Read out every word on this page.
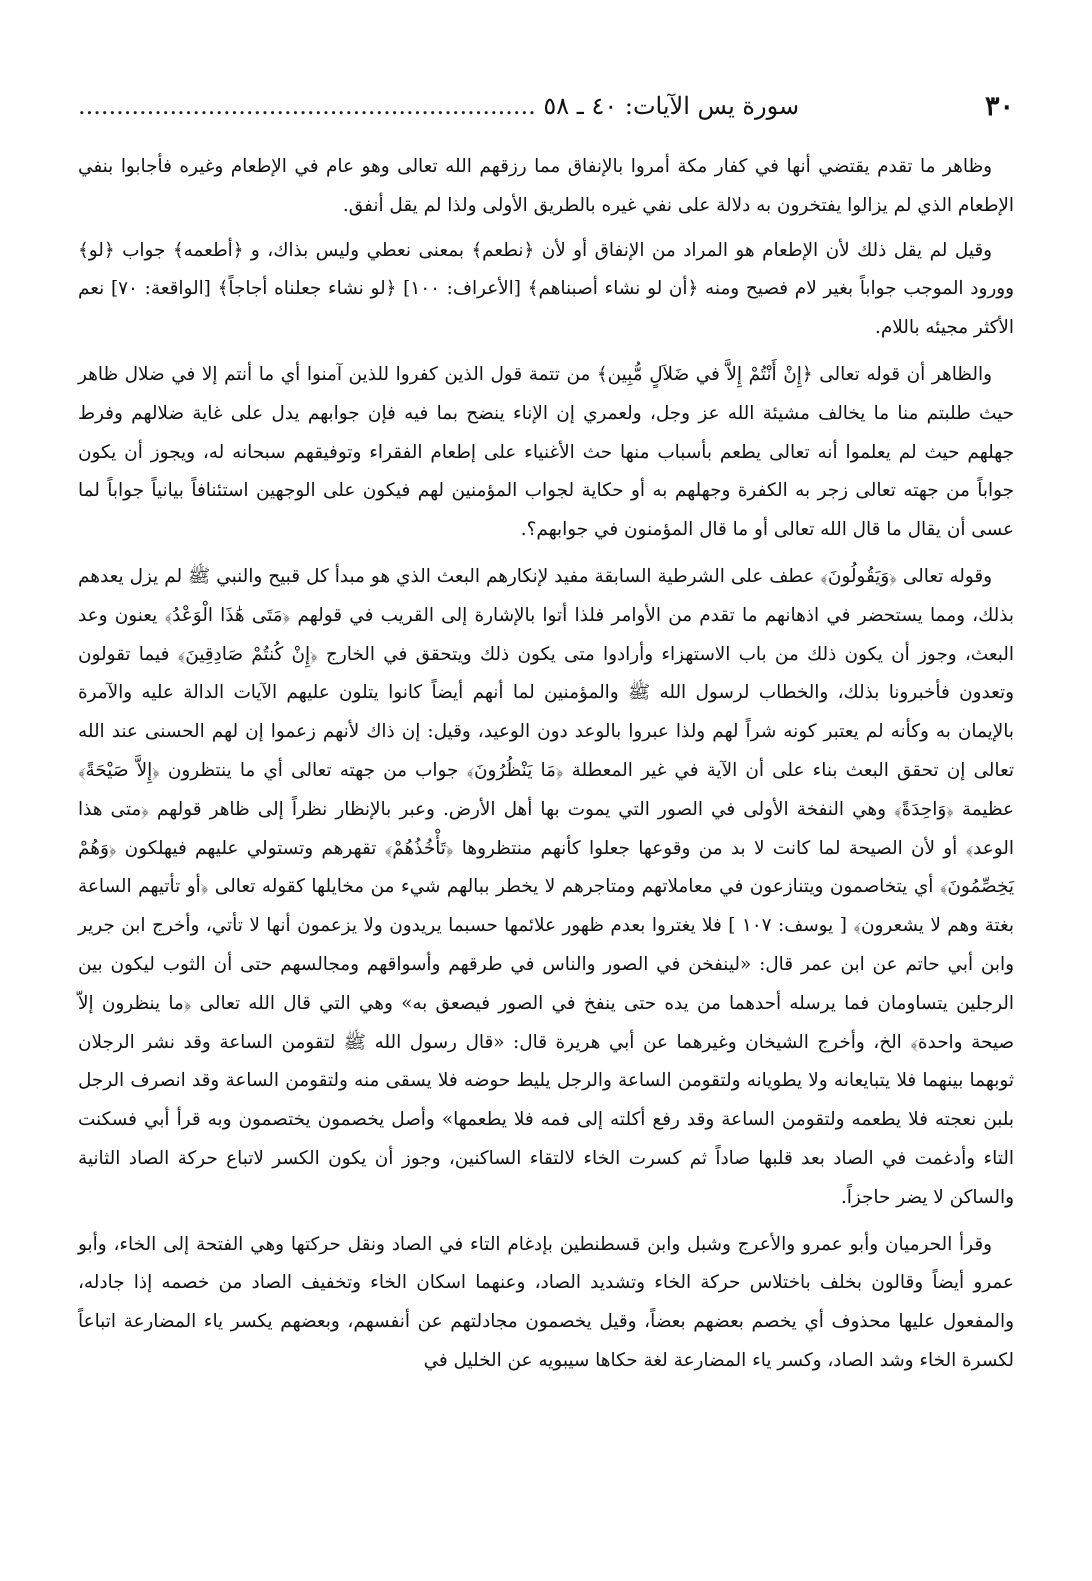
٣٠
سورة يس الآيات: ٤٠ ـ ٥٨ ............................................................

وظاهر ما تقدم يقتضي أنها في كفار مكة أمروا بالإنفاق مما رزقهم الله تعالى وهو عام في الإطعام وغيره فأجابوا بنفي الإطعام الذي لم يزالوا يفتخرون به دلالة على نفي غيره بالطريق الأولى ولذا لم يقل أنفق.

وقيل لم يقل ذلك لأن الإطعام هو المراد من الإنفاق أو لأن ﴿نطعم﴾ بمعنى نعطي وليس بذاك، و ﴿أطعمه﴾ جواب ﴿لو﴾ وورود الموجب جواباً بغير لام فصيح ومنه ﴿أن لو نشاء أصبناهم﴾ [الأعراف: ١٠٠] ﴿لو نشاء جعلناه أجاجاً﴾ [الواقعة: ٧٠] نعم الأكثر مجيئه باللام.

والظاهر أن قوله تعالى ﴿إِنْ أَنْتُمْ إِلاَّ في ضَلاَلٍ مُّبِين﴾ من تتمة قول الذين كفروا للذين آمنوا أي ما أنتم إلا في ضلال ظاهر حيث طلبتم منا ما يخالف مشيئة الله عز وجل، ولعمري إن الإناء ينضح بما فيه فإن جوابهم يدل على غاية ضلالهم وفرط جهلهم حيث لم يعلموا أنه تعالى يطعم بأسباب منها حث الأغنياء على إطعام الفقراء وتوفيقهم سبحانه له، ويجوز أن يكون جواباً من جهته تعالى زجر به الكفرة وجهلهم به أو حكاية لجواب المؤمنين لهم فيكون على الوجهين استئنافاً بيانياً جواباً لما عسى أن يقال ما قال الله تعالى أو ما قال المؤمنون في جوابهم؟.

وقوله تعالى ﴿وَيَقُولُونَ﴾ عطف على الشرطية السابقة مفيد لإنكارهم البعث الذي هو مبدأ كل قبيح والنبي ﷺ لم يزل يعدهم بذلك، ومما يستحضر في اذهانهم ما تقدم من الأوامر فلذا أتوا بالإشارة إلى القريب في قولهم ﴿مَتَى هَٰذَا الْوَعْدُ﴾ يعنون وعد البعث، وجوز أن يكون ذلك من باب الاستهزاء وأرادوا متى يكون ذلك ويتحقق في الخارج ﴿إِنْ كُنتُمْ صَادِقِينَ﴾ فيما تقولون وتعدون فأخبرونا بذلك، والخطاب لرسول الله ﷺ والمؤمنين لما أنهم أيضاً كانوا يتلون عليهم الآيات الدالة عليه والآمرة بالإيمان به وكأنه لم يعتبر كونه شراً لهم ولذا عبروا بالوعد دون الوعيد، وقيل: إن ذاك لأنهم زعموا إن لهم الحسنى عند الله تعالى إن تحقق البعث بناء على أن الآية في غير المعطلة ﴿مَا يَنْظُرُونَ﴾ جواب من جهته تعالى أي ما ينتظرون ﴿إِلاَّ صَيْحَةً﴾ عظيمة ﴿وَاحِدَةً﴾ وهي النفخة الأولى في الصور التي يموت بها أهل الأرض. وعبر بالإنظار نظراً إلى ظاهر قولهم ﴿متى هذا الوعد﴾ أو لأن الصيحة لما كانت لا بد من وقوعها جعلوا كأنهم منتظروها ﴿تَأْخُذُهُمْ﴾ تقهرهم وتستولي عليهم فيهلكون ﴿وَهُمْ يَخِصِّمُونَ﴾ أي يتخاصمون ويتنازعون في معاملاتهم ومتاجرهم لا يخطر ببالهم شيء من مخايلها كقوله تعالى ﴿أو تأتيهم الساعة بغتة وهم لا يشعرون﴾ [ يوسف: ١٠٧ ] فلا يغتروا بعدم ظهور علائمها حسبما يريدون ولا يزعمون أنها لا تأتي، وأخرج ابن جرير وابن أبي حاتم عن ابن عمر قال: «لينفخن في الصور والناس في طرقهم وأسواقهم ومجالسهم حتى أن الثوب ليكون بين الرجلين يتساومان فما يرسله أحدهما من يده حتى ينفخ في الصور فيصعق به» وهي التي قال الله تعالى ﴿ما ينظرون إلاّ صيحة واحدة﴾ الخ، وأخرج الشيخان وغيرهما عن أبي هريرة قال: «قال رسول الله ﷺ لتقومن الساعة وقد نشر الرجلان ثوبهما بينهما فلا يتبايعانه ولا يطويانه ولتقومن الساعة والرجل يليط حوضه فلا يسقى منه ولتقومن الساعة وقد انصرف الرجل بلبن نعجته فلا يطعمه ولتقومن الساعة وقد رفع أكلته إلى فمه فلا يطعمها» وأصل يخصمون يختصمون وبه قرأ أبي فسكنت التاء وأدغمت في الصاد بعد قلبها صاداً ثم كسرت الخاء لالتقاء الساكنين، وجوز أن يكون الكسر لاتباع حركة الصاد الثانية والساكن لا يضر حاجزاً.

وقرأ الحرميان وأبو عمرو والأعرج وشبل وابن قسطنطين بإدغام التاء في الصاد ونقل حركتها وهي الفتحة إلى الخاء، وأبو عمرو أيضاً وقالون بخلف باختلاس حركة الخاء وتشديد الصاد، وعنهما اسكان الخاء وتخفيف الصاد من خصمه إذا جادله، والمفعول عليها محذوف أي يخصم بعضهم بعضاً، وقيل يخصمون مجادلتهم عن أنفسهم، وبعضهم يكسر ياء المضارعة اتباعاً لكسرة الخاء وشد الصاد، وكسر ياء المضارعة لغة حكاها سيبويه عن الخليل في
